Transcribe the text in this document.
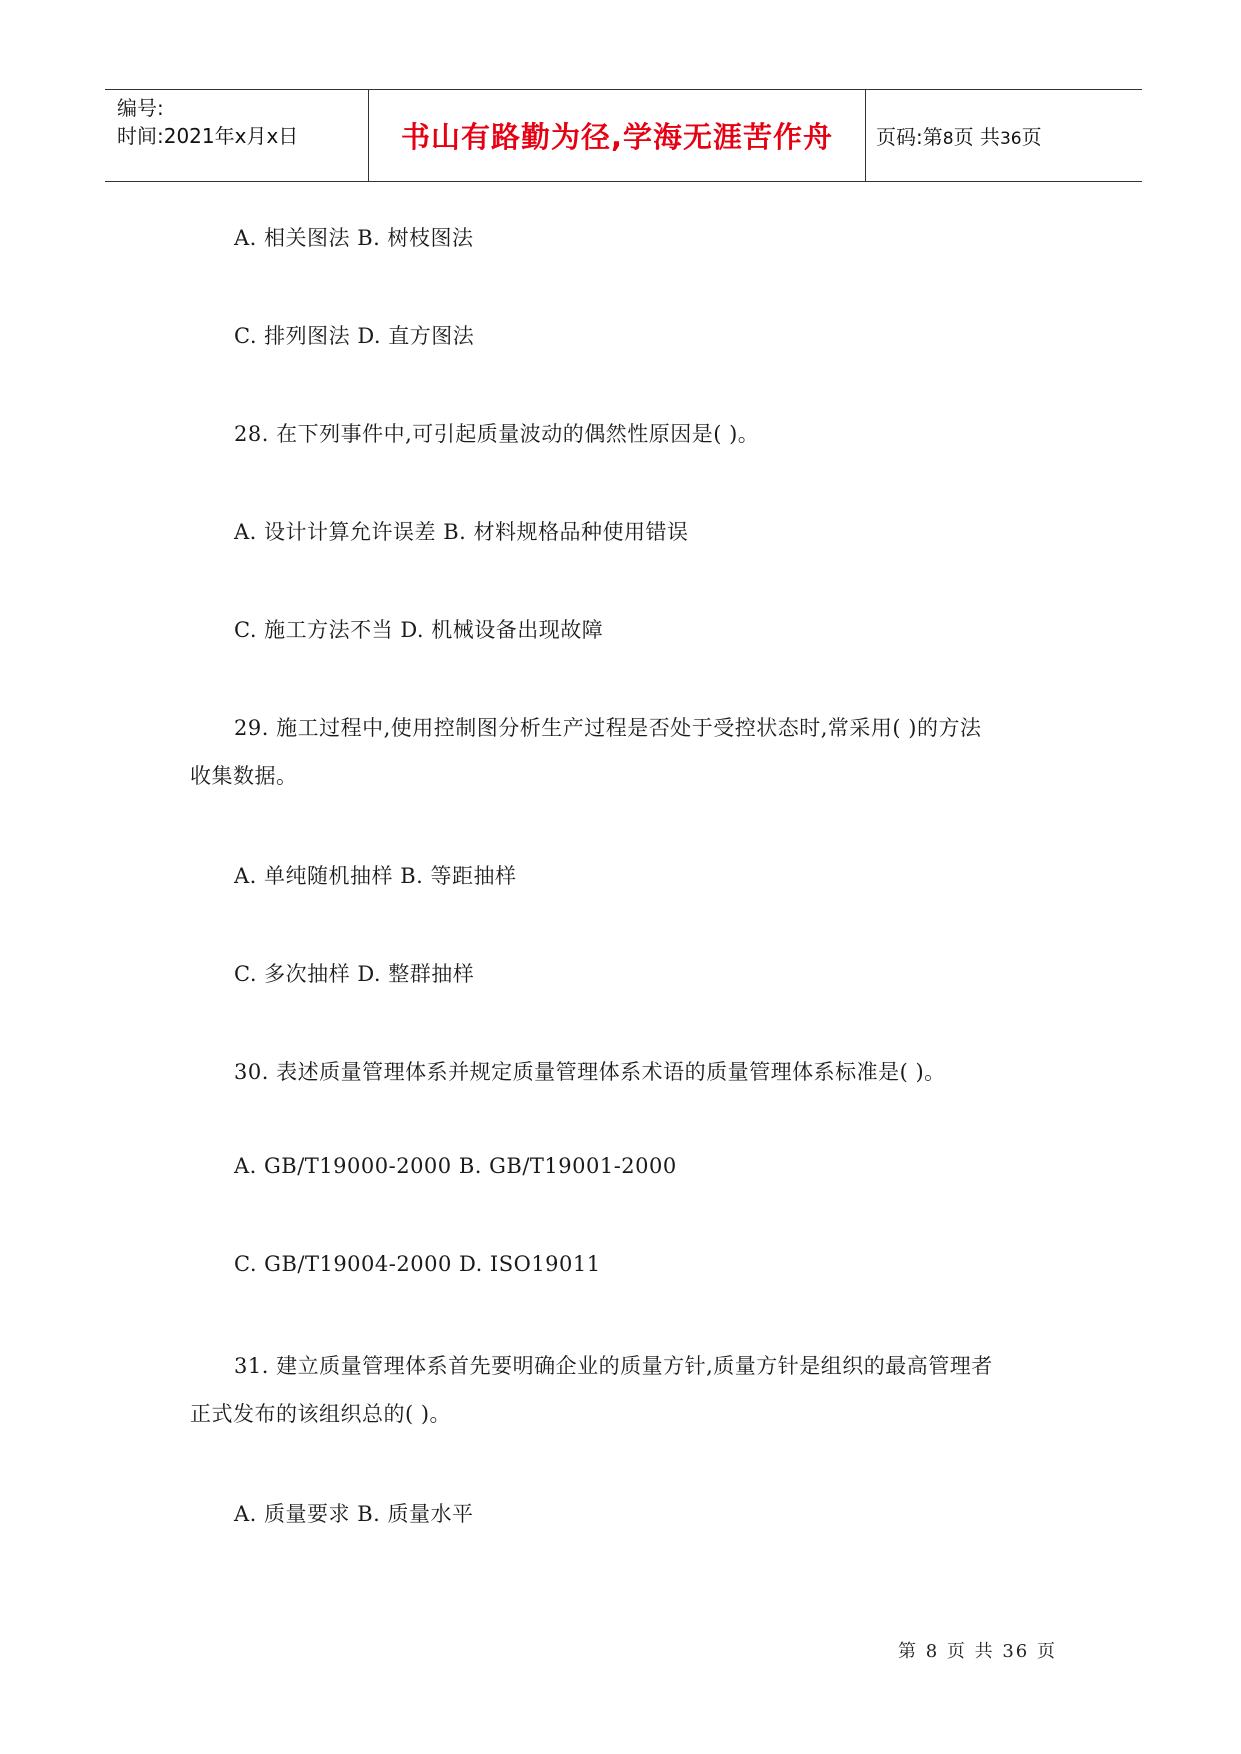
编号:
时间:2021年x月x日	书山有路勤为径,学海无涯苦作舟 页码:第8页 共36页
A. 相关图法 B. 树枝图法
C. 排列图法 D. 直方图法
28. 在下列事件中,可引起质量波动的偶然性原因是( )。
A. 设计计算允许误差 B. 材料规格品种使用错误
C. 施工方法不当 D. 机械设备出现故障
29. 施工过程中,使用控制图分析生产过程是否处于受控状态时,常采用( )的方法
收集数据。
A. 单纯随机抽样 B. 等距抽样
C. 多次抽样 D. 整群抽样
30. 表述质量管理体系并规定质量管理体系术语的质量管理体系标准是( )。
A. GB/T19000-2000 B. GB/T19001-2000
C. GB/T19004-2000 D. ISO19011
31. 建立质量管理体系首先要明确企业的质量方针,质量方针是组织的最高管理者
正式发布的该组织总的( )。
A. 质量要求 B. 质量水平
第 8 页 共 36 页
